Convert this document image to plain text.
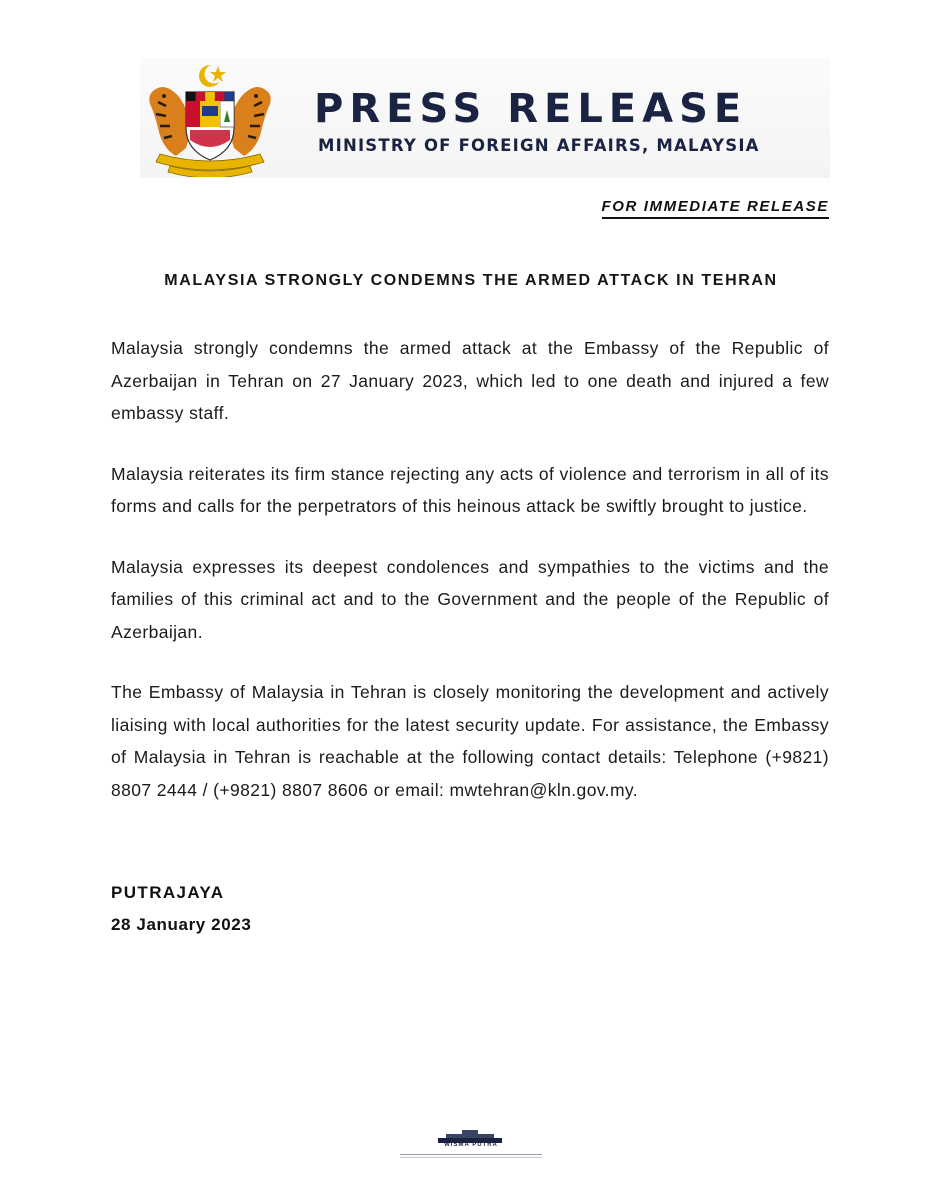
PRESS RELEASE

MINISTRY OF FOREIGN AFFAIRS, MALAYSIA

FOR IMMEDIATE RELEASE
MALAYSIA STRONGLY CONDEMNS THE ARMED ATTACK IN TEHRAN

Malaysia strongly condemns the armed attack at the Embassy of the Republic of Azerbaijan in Tehran on 27 January 2023, which led to one death and injured a few embassy staff.

Malaysia reiterates its firm stance rejecting any acts of violence and terrorism in all of its forms and calls for the perpetrators of this heinous attack be swiftly brought to justice.

Malaysia expresses its deepest condolences and sympathies to the victims and the families of this criminal act and to the Government and the people of the Republic of Azerbaijan.

The Embassy of Malaysia in Tehran is closely monitoring the development and actively liaising with local authorities for the latest security update. For assistance, the Embassy of Malaysia in Tehran is reachable at the following contact details: Telephone (+9821) 8807 2444 / (+9821) 8807 8606 or email: mwtehran@kln.gov.my.

PUTRAJAYA
28 January 2023
WISMA PUTRA
